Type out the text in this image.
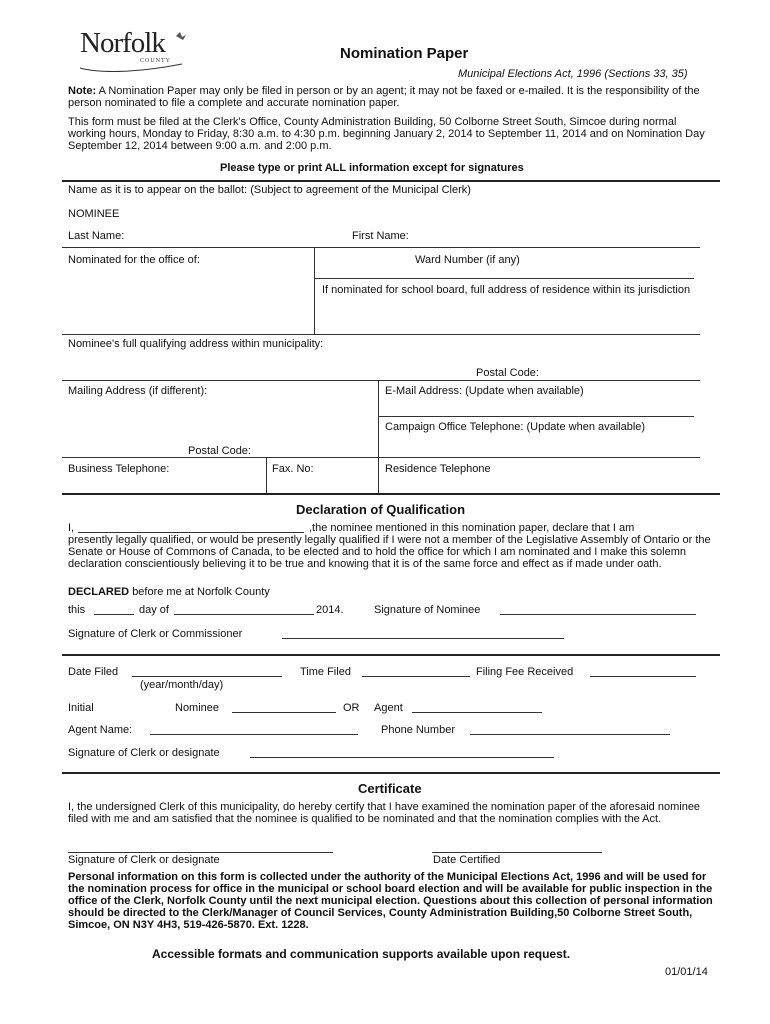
Norfolk
COUNTY	Nomination Paper
Municipal Elections Act, 1996 (Sections 33, 35)
Note: A Nomination Paper may only be filed in person or by an agent; it may not be faxed or e-mailed. It is the responsibility of the person nominated to file a complete and accurate nomination paper.
This form must be filed at the Clerk's Office, County Administration Building, 50 Colborne Street South, Simcoe during normal working hours, Monday to Friday, 8:30 a.m. to 4:30 p.m. beginning January 2, 2014 to September 11, 2014 and on Nomination Day September 12, 2014 between 9:00 a.m. and 2:00 p.m.
Please type or print ALL information except for signatures
Name as it is to appear on the ballot: (Subject to agreement of the Municipal Clerk)
NOMINEE
Last Name:	First Name:
Nominated for the office of:	Ward Number (if any)
If nominated for school board, full address of residence within its jurisdiction
Nominee's full qualifying address within municipality:
Postal Code:
Mailing Address (if different):	E-Mail Address: (Update when available)
Campaign Office Telephone: (Update when available)
Postal Code:
Business Telephone:	Fax. No:	Residence Telephone
Declaration of Qualification
I,	,the nominee mentioned in this nomination paper, declare that I am
presently legally qualified, or would be presently legally qualified if I were not a member of the Legislative Assembly of Ontario or the Senate or House of Commons of Canada, to be elected and to hold the office for which I am nominated and I make this solemn declaration conscientiously believing it to be true and knowing that it is of the same force and effect as if made under oath.
DECLARED before me at Norfolk County
this	day of	2014.	Signature of Nominee
Signature of Clerk or Commissioner
Date Filed
(year/month/day)
Time Filed	Filing Fee Received
Initial	Nominee	OR Agent
Agent Name:	Phone Number
Signature of Clerk or designate
Certificate
I, the undersigned Clerk of this municipality, do hereby certify that I have examined the nomination paper of the aforesaid nominee filed with me and am satisfied that the nominee is qualified to be nominated and that the nomination complies with the Act.
Signature of Clerk or designate	Date Certified
Personal information on this form is collected under the authority of the Municipal Elections Act, 1996 and will be used for the nomination process for office in the municipal or school board election and will be available for public inspection in the office of the Clerk, Norfolk County until the next municipal election. Questions about this collection of personal information should be directed to the Clerk/Manager of Council Services, County Administration Building,50 Colborne Street South, Simcoe, ON N3Y 4H3, 519-426-5870. Ext. 1228.
Accessible formats and communication supports available upon request.
01/01/14
